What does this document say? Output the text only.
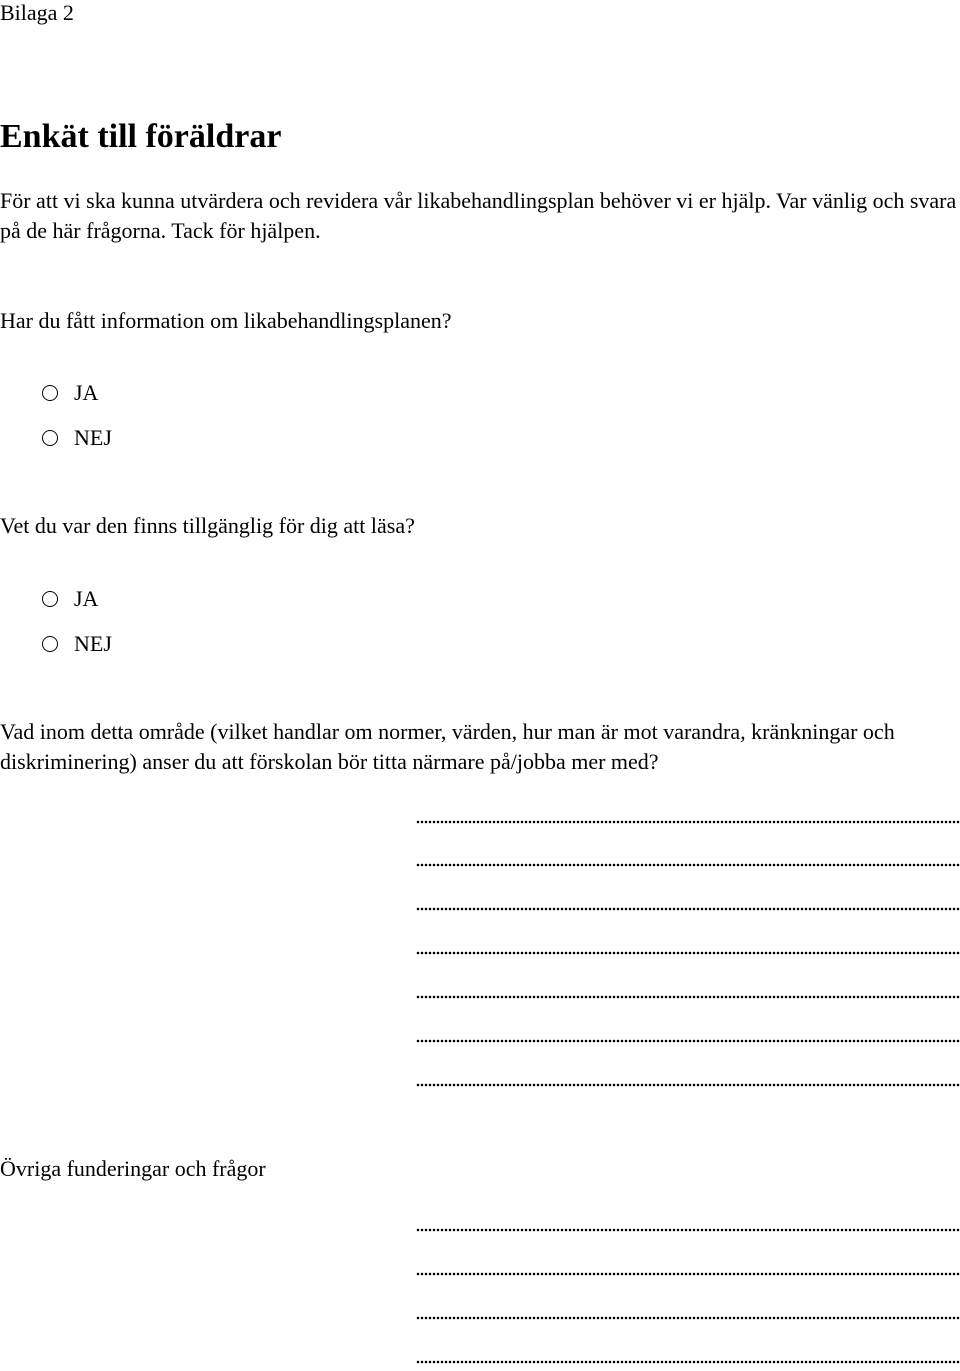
Bilaga 2
Enkät till föräldrar

För att vi ska kunna utvärdera och revidera vår likabehandlingsplan behöver vi er hjälp. Var vänlig och svara på de här frågorna. Tack för hjälpen.

Har du fått information om likabehandlingsplanen?

JA
NEJ

Vet du var den finns tillgänglig för dig att läsa?

JA
NEJ

Vad inom detta område (vilket handlar om normer, värden, hur man är mot varandra, kränkningar och diskriminering) anser du att förskolan bör titta närmare på/jobba mer med?

Övriga funderingar och frågor
